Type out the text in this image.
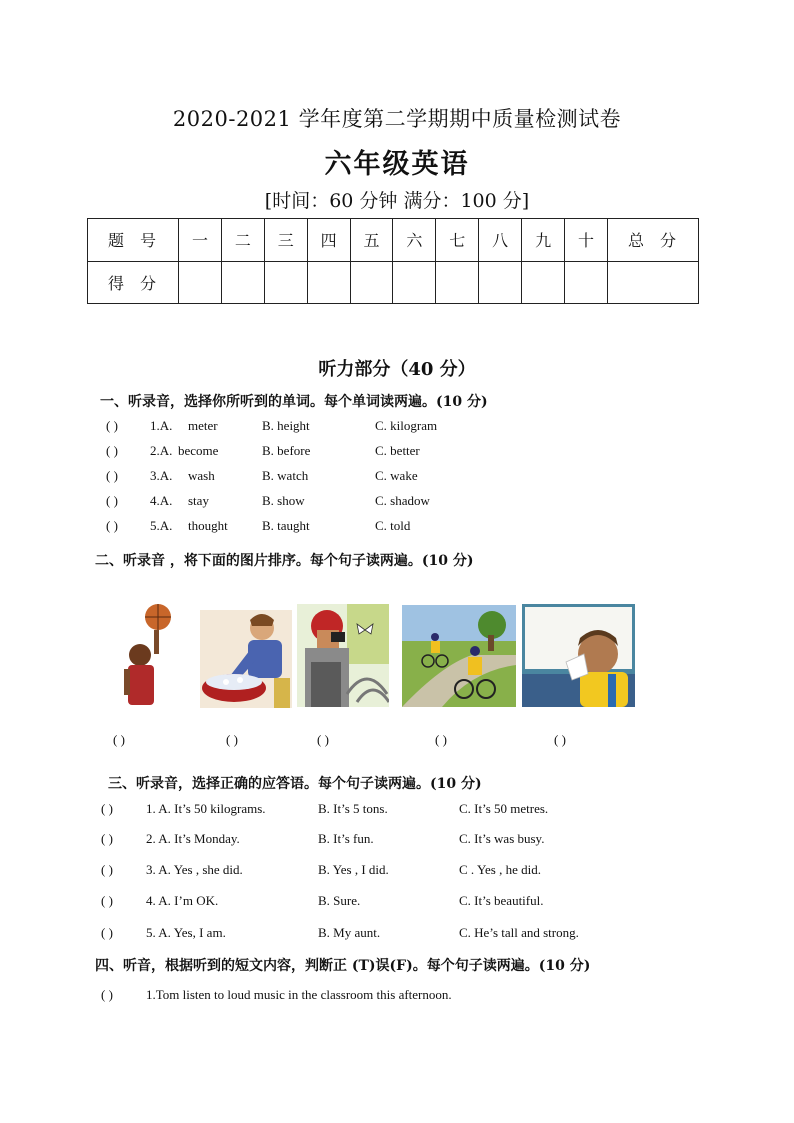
2020-2021 学年度第二学期期中质量检测试卷
六年级英语
[时间：60 分钟 满分：100 分]
题号	一	二	三	四	五	六	七	八	九	十	总分
得分											
听力部分（40 分）
一、听录音，选择你所听到的单词。每个单词读两遍。(10 分)
( ) 1.A. meter	B. height	C. kilogram
( ) 2.A. become	B. before	C. better
( ) 3.A. wash	B. watch	C. wake
( ) 4.A. stay	B. show	C. shadow
( ) 5.A. thought	B. taught	C. told
二、听录音 ，将下面的图片排序。每个句子读两遍。(10 分)
( )	( )	( )	( )	( )
三、听录音，选择正确的应答语。每个句子读两遍。(10 分)
( )	1. A. It’s 50 kilograms.	B. It’s 5 tons.	C. It’s 50 metres.
( )	2. A. It’s Monday.	B. It’s fun.	C. It’s was busy.
( )	3. A. Yes , she did.	B. Yes , I did.	C . Yes , he did.
( )	4. A. I’m OK.	B. Sure.	C. It’s beautiful.
( )	5. A. Yes, I am.	B. My aunt.	C. He’s tall and strong.
四、听音，根据听到的短文内容，判断正 (T)误(F)。每个句子读两遍。(10 分)
( )	1.Tom listen to loud music in the classroom this afternoon.
